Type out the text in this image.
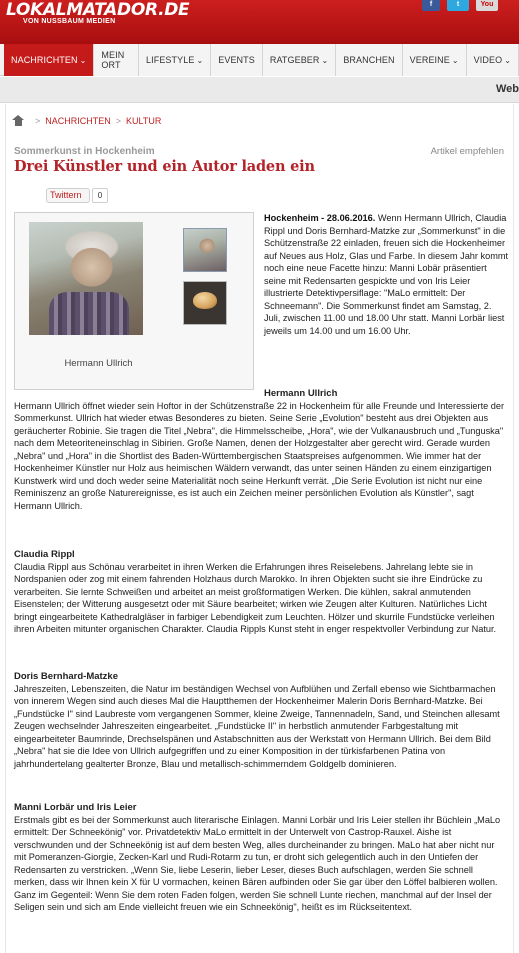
LOKALMATADOR.DE
VON NUSSBAUM MEDIEN
f	t	You
NACHRICHTEN ⌄ MEIN ORT	LIFESTYLE ⌄ EVENTS RATGEBER ⌄ BRANCHEN VEREINE ⌄ VIDEO ⌄
Web
> NACHRICHTEN > KULTUR
Sommerkunst in Hockenheim	Artikel empfehlen
Drei Künstler und ein Autor laden ein
Twittern	0
Hermann Ullrich

Hockenheim - 28.06.2016. Wenn Hermann Ullrich, Claudia Rippl und Doris Bernhard-Matzke zur „Sommerkunst" in die Schützenstraße 22 einladen, freuen sich die Hockenheimer auf Neues aus Holz, Glas und Farbe. In diesem Jahr kommt noch eine neue Facette hinzu: Manni Lobär präsentiert seine mit Redensarten gespickte und von Iris Leier illustrierte Detektivpersiflage: "MaLo ermittelt: Der Schneemann". Die Sommerkunst findet am Samstag, 2. Juli, zwischen 11.00 und 18.00 Uhr statt. Manni Lorbär liest jeweils um 14.00 und um 16.00 Uhr.

Hermann Ullrich

Hermann Ullrich öffnet wieder sein Hoftor in der Schützenstraße 22 in Hockenheim für alle Freunde und Interessierte der Sommerkunst. Ullrich hat wieder etwas Besonderes zu bieten. Seine Serie „Evolution" besteht aus drei Objekten aus geräucherter Robinie. Sie tragen die Titel „Nebra", die Himmelsscheibe, „Hora", wie der Vulkanausbruch und „Tunguska" nach dem Meteoriteneinschlag in Sibirien. Große Namen, denen der Holzgestalter aber gerecht wird. Gerade wurden „Nebra" und „Hora" in die Shortlist des Baden-Württembergischen Staatspreises aufgenommen. Wie immer hat der Hockenheimer Künstler nur Holz aus heimischen Wäldern verwandt, das unter seinen Händen zu einem einzigartigen Kunstwerk wird und doch weder seine Materialität noch seine Herkunft verrät. „Die Serie Evolution ist nicht nur eine Reminiszenz an große Naturereignisse, es ist auch ein Zeichen meiner persönlichen Evolution als Künstler", sagt Hermann Ullrich.

Claudia Rippl

Claudia Rippl aus Schönau verarbeitet in ihren Werken die Erfahrungen ihres Reiselebens. Jahrelang lebte sie in Nordspanien oder zog mit einem fahrenden Holzhaus durch Marokko. In ihren Objekten sucht sie ihre Eindrücke zu verarbeiten. Sie lernte Schweißen und arbeitet an meist großformatigen Werken. Die kühlen, sakral anmutenden Eisenstelen; der Witterung ausgesetzt oder mit Säure bearbeitet; wirken wie Zeugen alter Kulturen. Natürliches Licht bringt eingearbeitete Kathedralgläser in farbiger Lebendigkeit zum Leuchten. Hölzer und skurrile Fundstücke verleihen ihren Arbeiten mitunter organischen Charakter. Claudia Rippls Kunst steht in enger respektvoller Verbindung zur Natur.

Doris Bernhard-Matzke

Jahreszeiten, Lebenszeiten, die Natur im beständigen Wechsel von Aufblühen und Zerfall ebenso wie Sichtbarmachen von innerem Wegen sind auch dieses Mal die Hauptthemen der Hockenheimer Malerin Doris Bernhard-Matzke. Bei „Fundstücke I" sind Laubreste vom vergangenen Sommer, kleine Zweige, Tannennadeln, Sand, und Steinchen allesamt Zeugen wechselnder Jahreszeiten eingearbeitet. „Fundstücke II" in herbstlich anmutender Farbgestaltung mit eingearbeiteter Baumrinde, Drechselspänen und Astabschnitten aus der Werkstatt von Hermann Ullrich. Bei dem Bild „Nebra" hat sie die Idee von Ullrich aufgegriffen und zu einer Komposition in der türkisfarbenen Patina von jahrhundertelang gealterter Bronze, Blau und metallisch-schimmerndem Goldgelb dominieren.

Manni Lorbär und Iris Leier

Erstmals gibt es bei der Sommerkunst auch literarische Einlagen. Manni Lorbär und Iris Leier stellen ihr Büchlein „MaLo ermittelt: Der Schneekönig" vor. Privatdetektiv MaLo ermittelt in der Unterwelt von Castrop-Rauxel. Aishe ist verschwunden und der Schneekönig ist auf dem besten Weg, alles durcheinander zu bringen. MaLo hat aber nicht nur mit Pomeranzen-Giorgie, Zecken-Karl und Rudi-Rotarm zu tun, er droht sich gelegentlich auch in den Untiefen der Redensarten zu verstricken. „Wenn Sie, liebe Leserin, lieber Leser, dieses Buch aufschlagen, werden Sie schnell merken, dass wir Ihnen kein X für U vormachen, keinen Bären aufbinden oder Sie gar über den Löffel balbieren wollen. Ganz im Gegenteil: Wenn Sie dem roten Faden folgen, werden Sie schnell Lunte riechen, manchmal auf der Insel der Seligen sein und sich am Ende vielleicht freuen wie ein Schneekönig", heißt es im Rückseitentext.
